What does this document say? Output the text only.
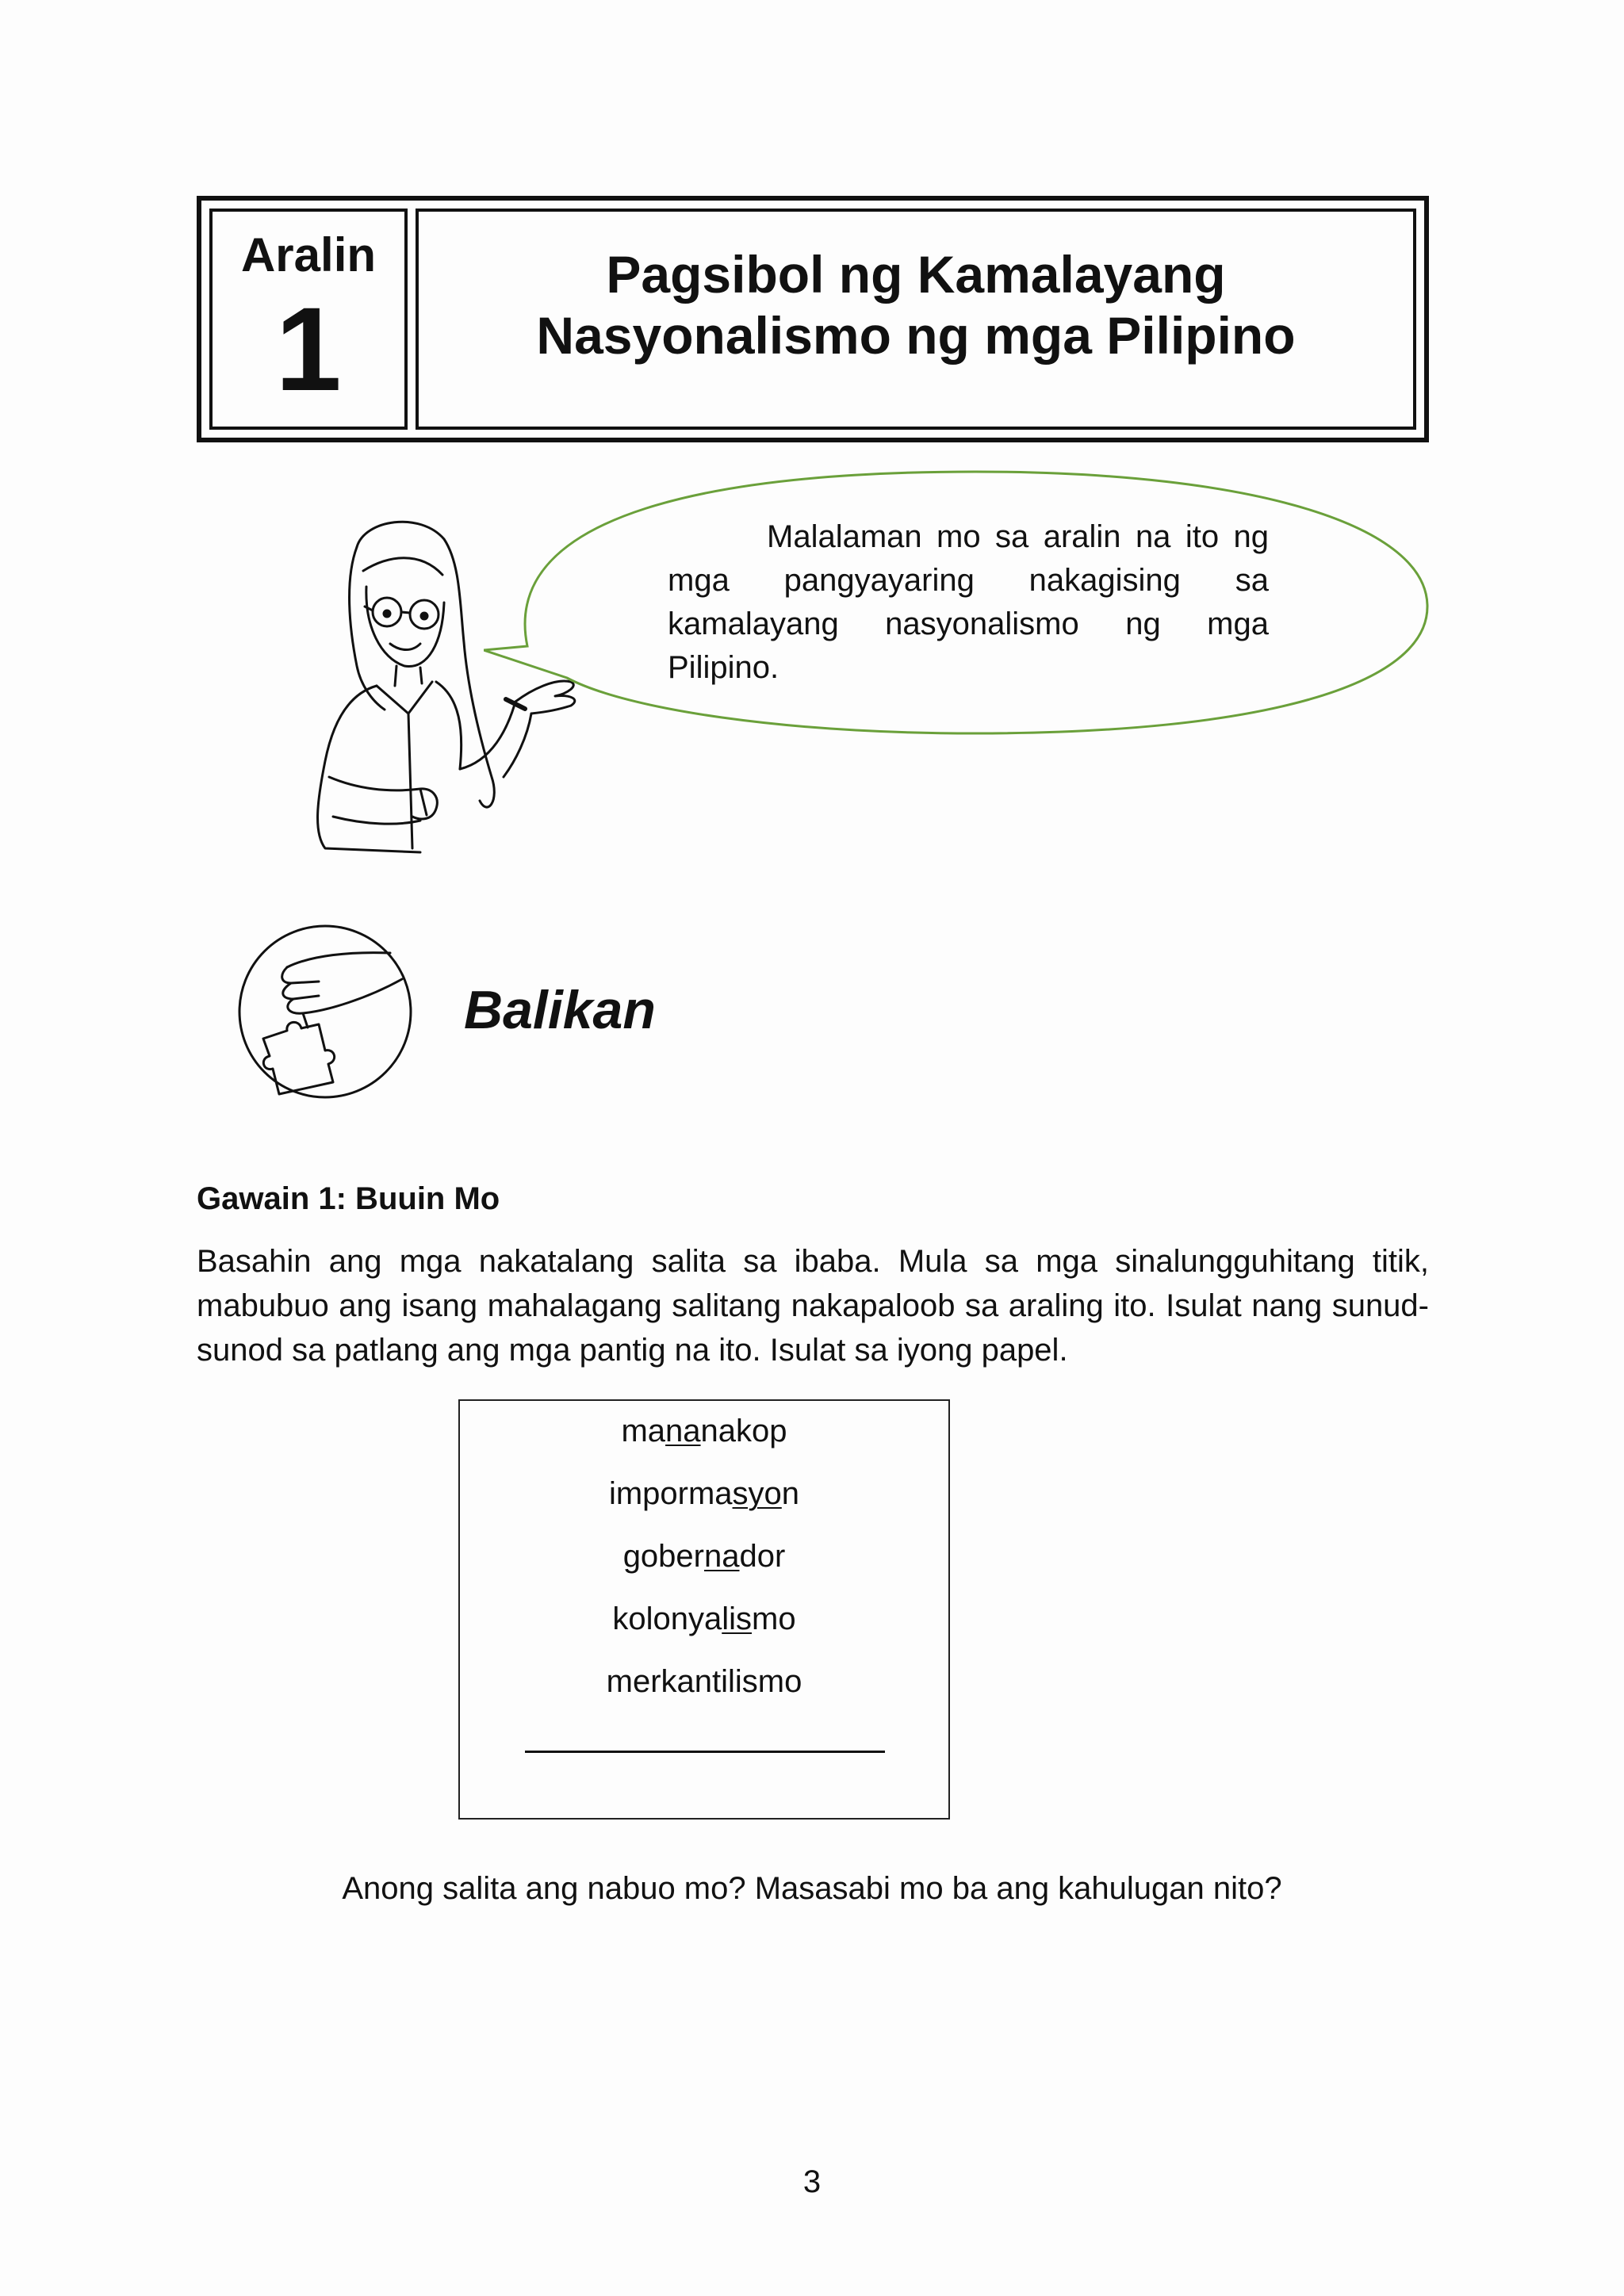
Aralin
1
Pagsibol ng Kamalayang
Nasyonalismo ng mga Pilipino
Malalaman mo sa aralin na ito ng mga pangyayaring nakagising sa kamalayang nasyonalismo ng mga Pilipino.
Balikan
Gawain 1: Buuin Mo
Basahin ang mga nakatalang salita sa ibaba. Mula sa mga sinalungguhitang titik, mabubuo ang isang mahalagang salitang nakapaloob sa araling ito. Isulat nang sunud-sunod sa patlang ang mga pantig na ito. Isulat sa iyong papel.
mananakop
impormasyon
gobernador
kolonyalismo
merkantilismo
Anong salita ang nabuo mo? Masasabi mo ba ang kahulugan nito?
3
